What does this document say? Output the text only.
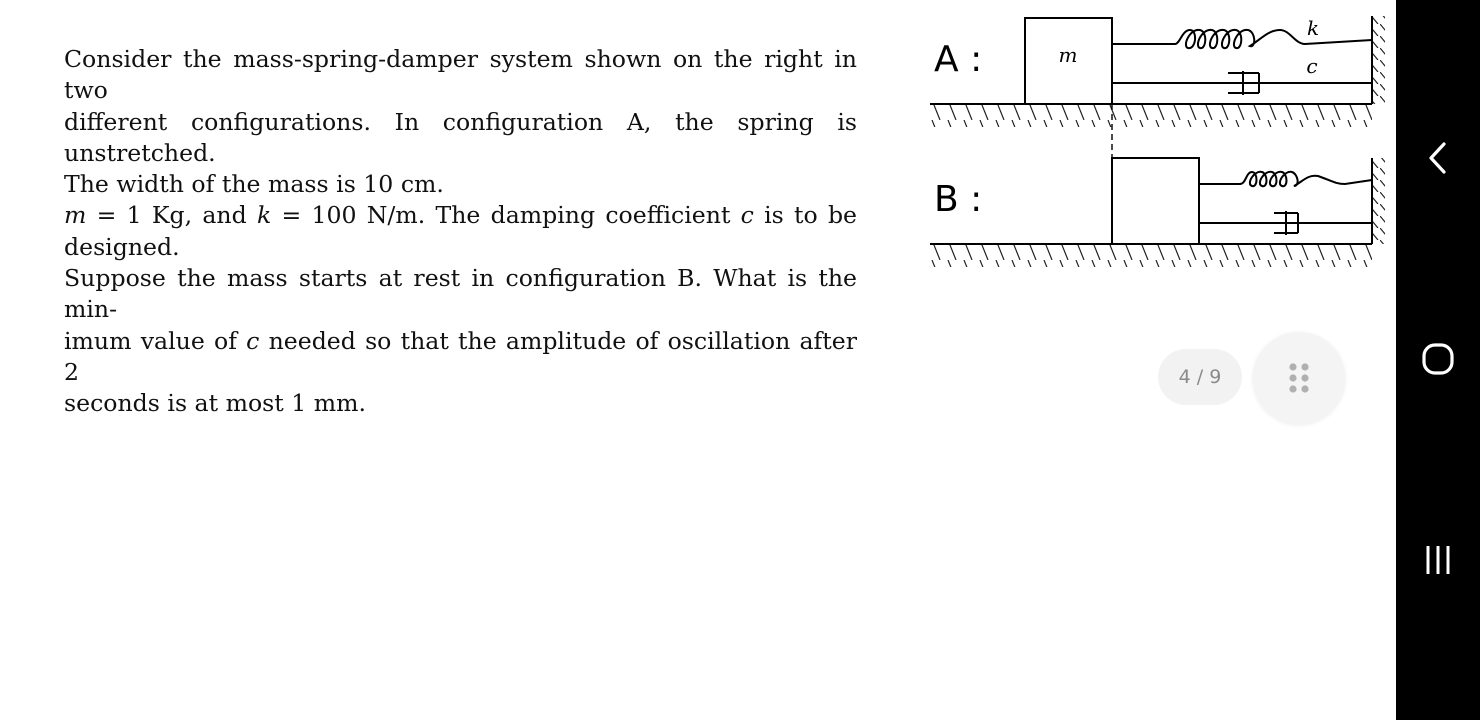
Consider the mass-spring-damper system shown on the right in two
different configurations. In configuration A, the spring is unstretched.
The width of the mass is 10 cm.
m = 1 Kg, and k = 100 N/m. The damping coefficient c is to be
designed.
Suppose the mass starts at rest in configuration B. What is the min-
imum value of c needed so that the amplitude of oscillation after 2
seconds is at most 1 mm.
A :	m
k
c
B :
4 / 9
